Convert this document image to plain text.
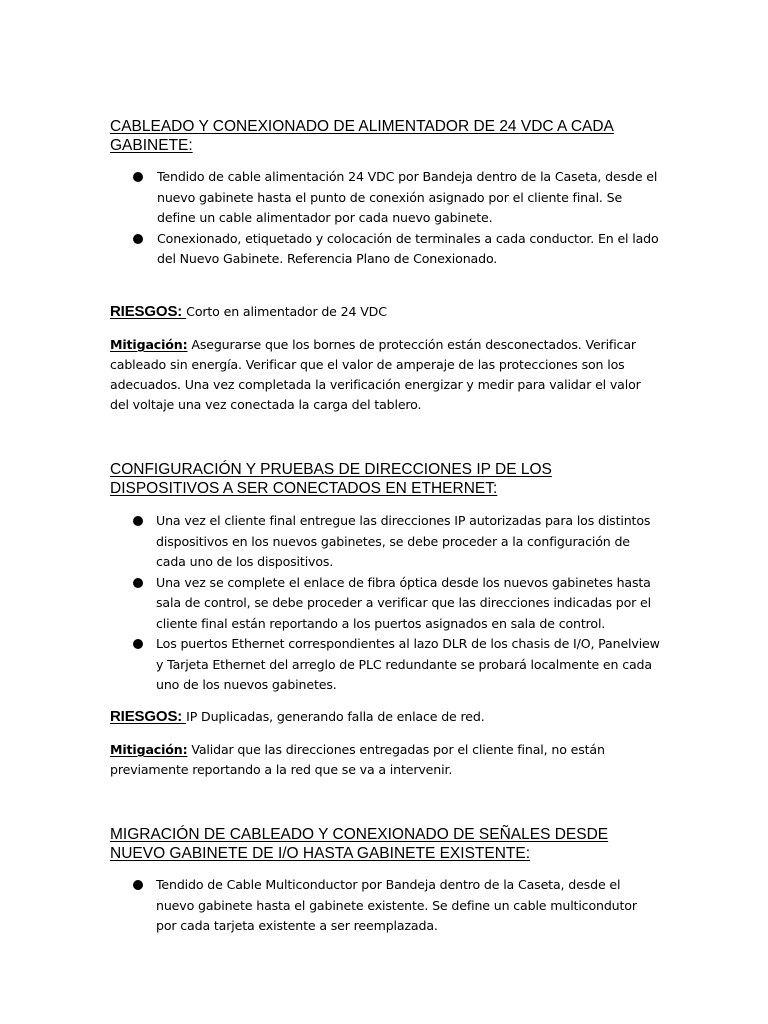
CABLEADO Y CONEXIONADO DE ALIMENTADOR DE 24 VDC A CADA
GABINETE:
Tendido de cable alimentación 24 VDC por Bandeja dentro de la Caseta, desde el nuevo gabinete hasta el punto de conexión asignado por el cliente final. Se define un cable alimentador por cada nuevo gabinete.
Conexionado, etiquetado y colocación de terminales a cada conductor. En el lado del Nuevo Gabinete. Referencia Plano de Conexionado.
RIESGOS: Corto en alimentador de 24 VDC
Mitigación: Asegurarse que los bornes de protección están desconectados. Verificar cableado sin energía. Verificar que el valor de amperaje de las protecciones son los adecuados. Una vez completada la verificación energizar y medir para validar el valor del voltaje una vez conectada la carga del tablero.
CONFIGURACIÓN Y PRUEBAS DE DIRECCIONES IP DE LOS
DISPOSITIVOS A SER CONECTADOS EN ETHERNET:
Una vez el cliente final entregue las direcciones IP autorizadas para los distintos dispositivos en los nuevos gabinetes, se debe proceder a la configuración de cada uno de los dispositivos.
Una vez se complete el enlace de fibra óptica desde los nuevos gabinetes hasta sala de control, se debe proceder a verificar que las direcciones indicadas por el cliente final están reportando a los puertos asignados en sala de control.
Los puertos Ethernet correspondientes al lazo DLR de los chasis de I/O, Panelview y Tarjeta Ethernet del arreglo de PLC redundante se probará localmente en cada uno de los nuevos gabinetes.
RIESGOS: IP Duplicadas, generando falla de enlace de red.
Mitigación: Validar que las direcciones entregadas por el cliente final, no están previamente reportando a la red que se va a intervenir.
MIGRACIÓN DE CABLEADO Y CONEXIONADO DE SEÑALES DESDE
NUEVO GABINETE DE I/O HASTA GABINETE EXISTENTE:
Tendido de Cable Multiconductor por Bandeja dentro de la Caseta, desde el nuevo gabinete hasta el gabinete existente. Se define un cable multicondutor por cada tarjeta existente a ser reemplazada.
